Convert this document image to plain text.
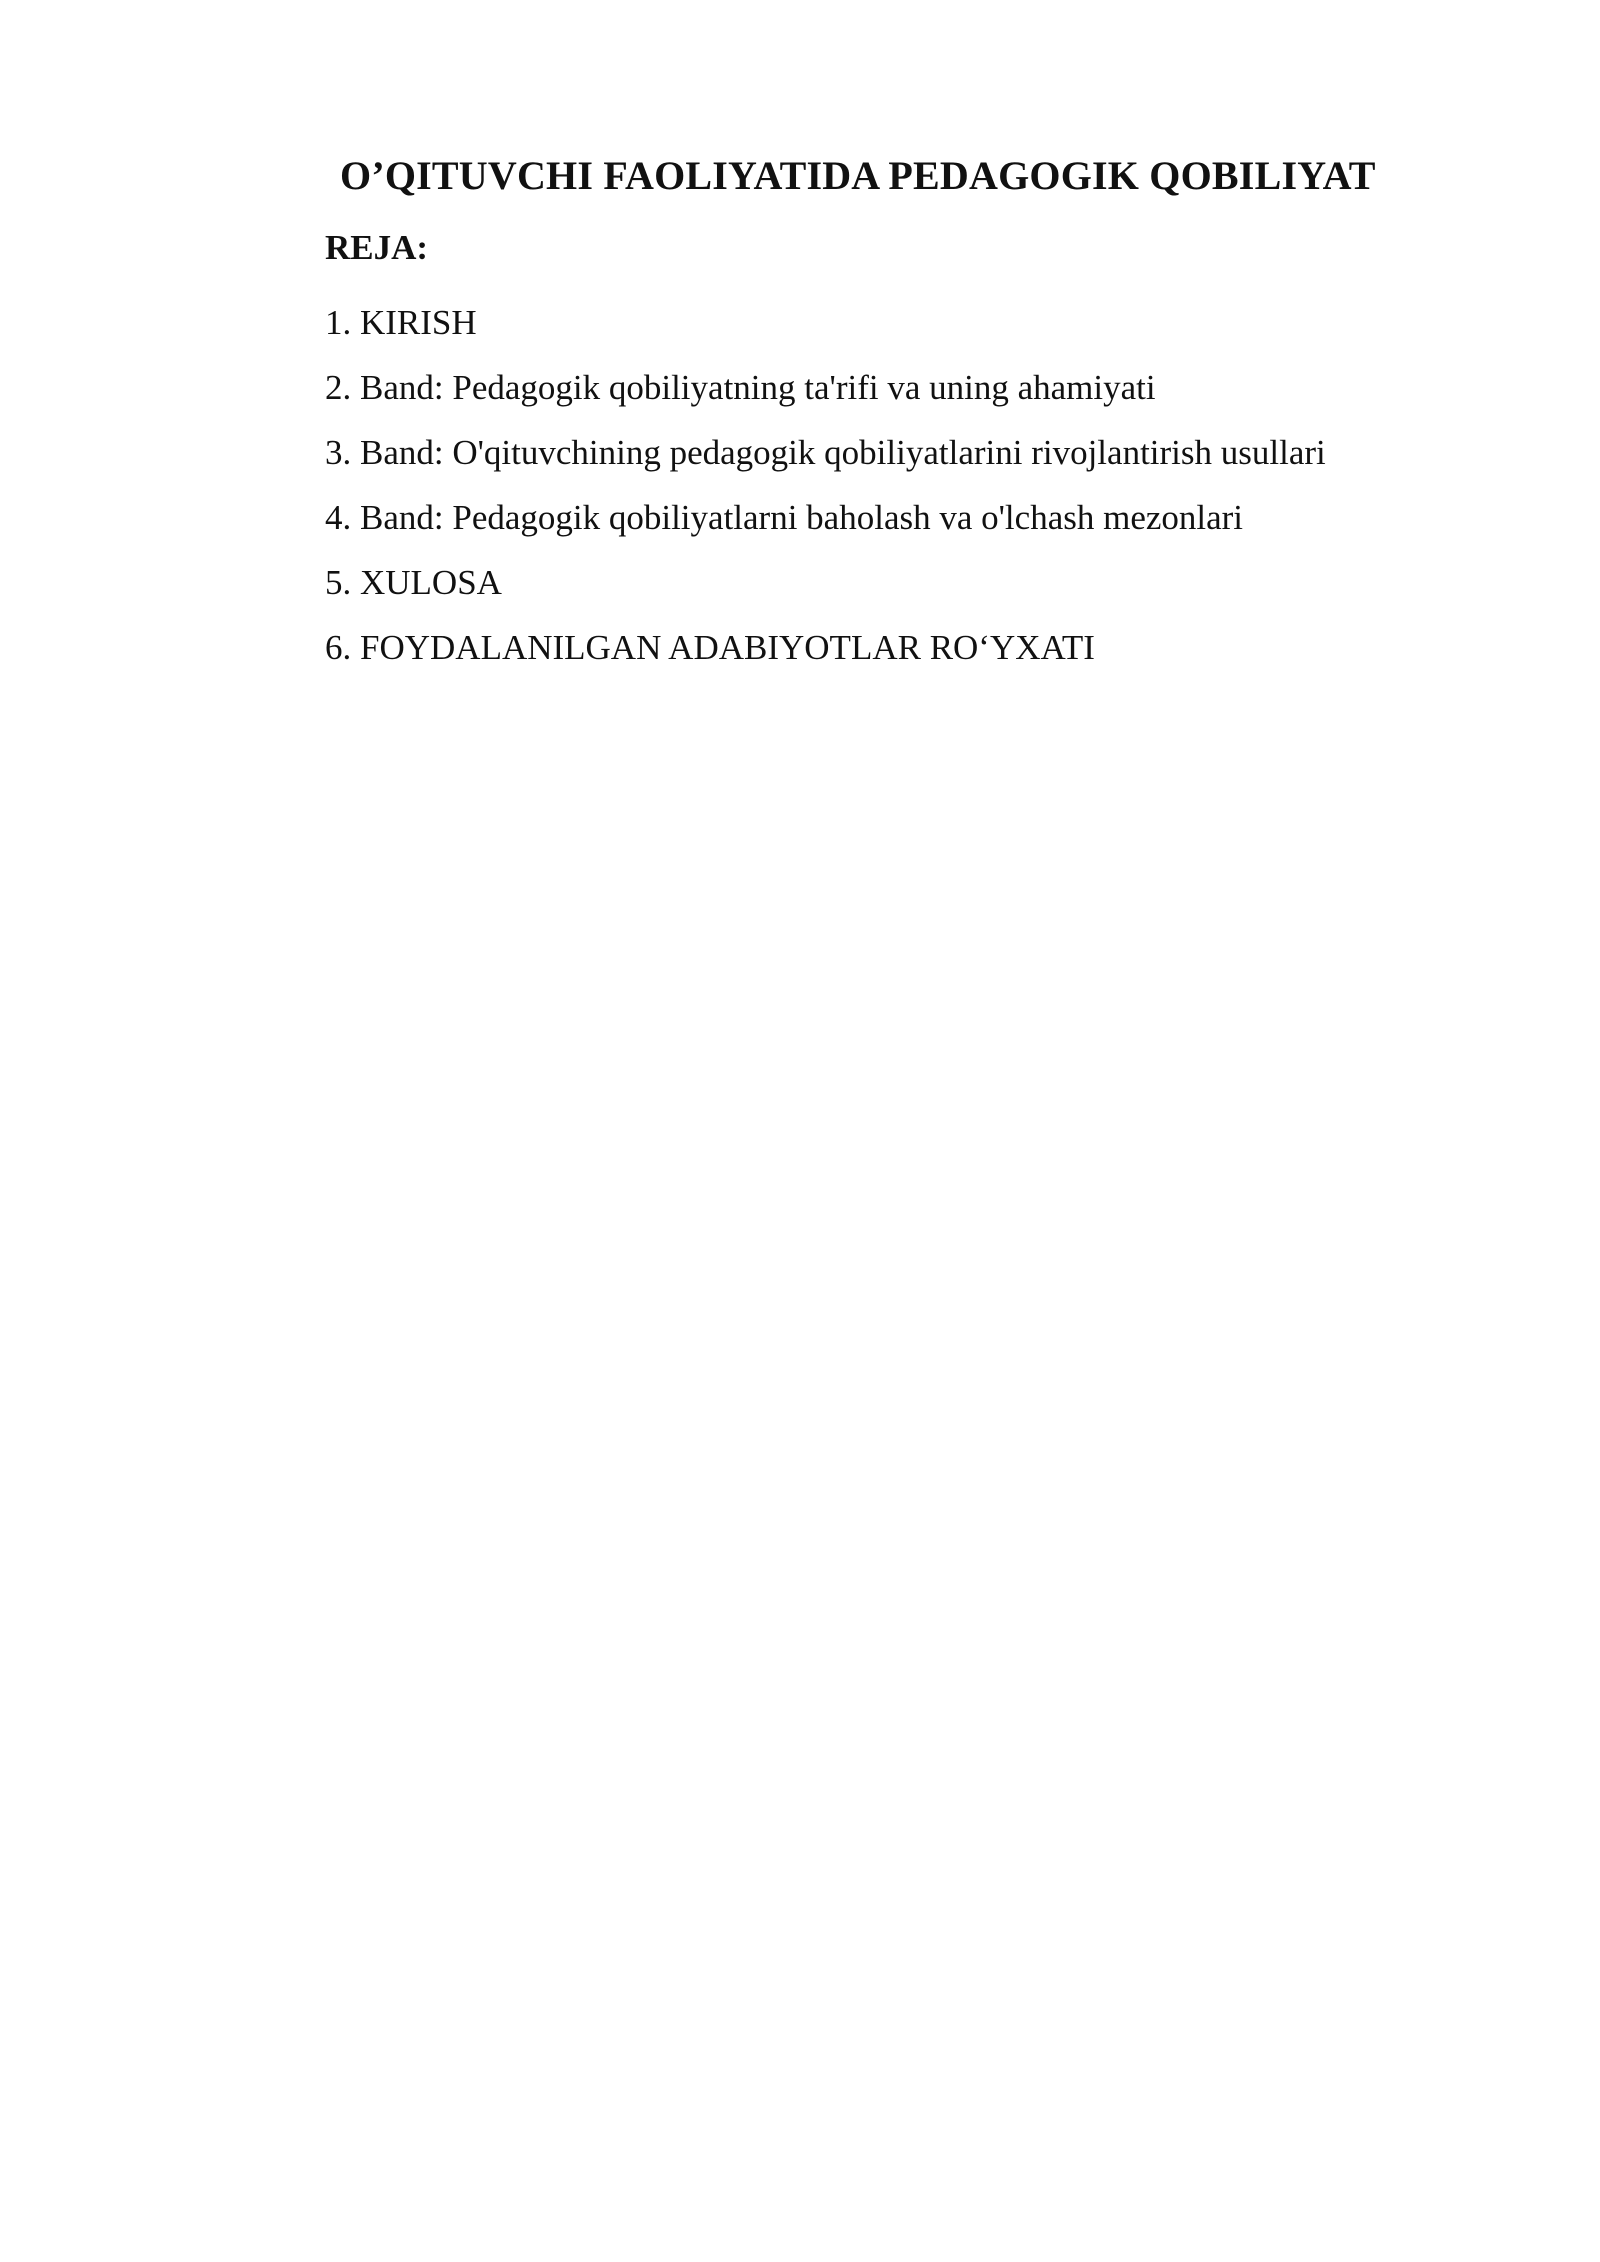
O’QITUVCHI FAOLIYATIDA PEDAGOGIK QOBILIYAT
REJA:
1. KIRISH
2. Band: Pedagogik qobiliyatning ta'rifi va uning ahamiyati
3. Band: O'qituvchining pedagogik qobiliyatlarini rivojlantirish usullari
4. Band: Pedagogik qobiliyatlarni baholash va o'lchash mezonlari
5. XULOSA
6. FOYDALANILGAN ADABIYOTLAR RO‘YXATI
